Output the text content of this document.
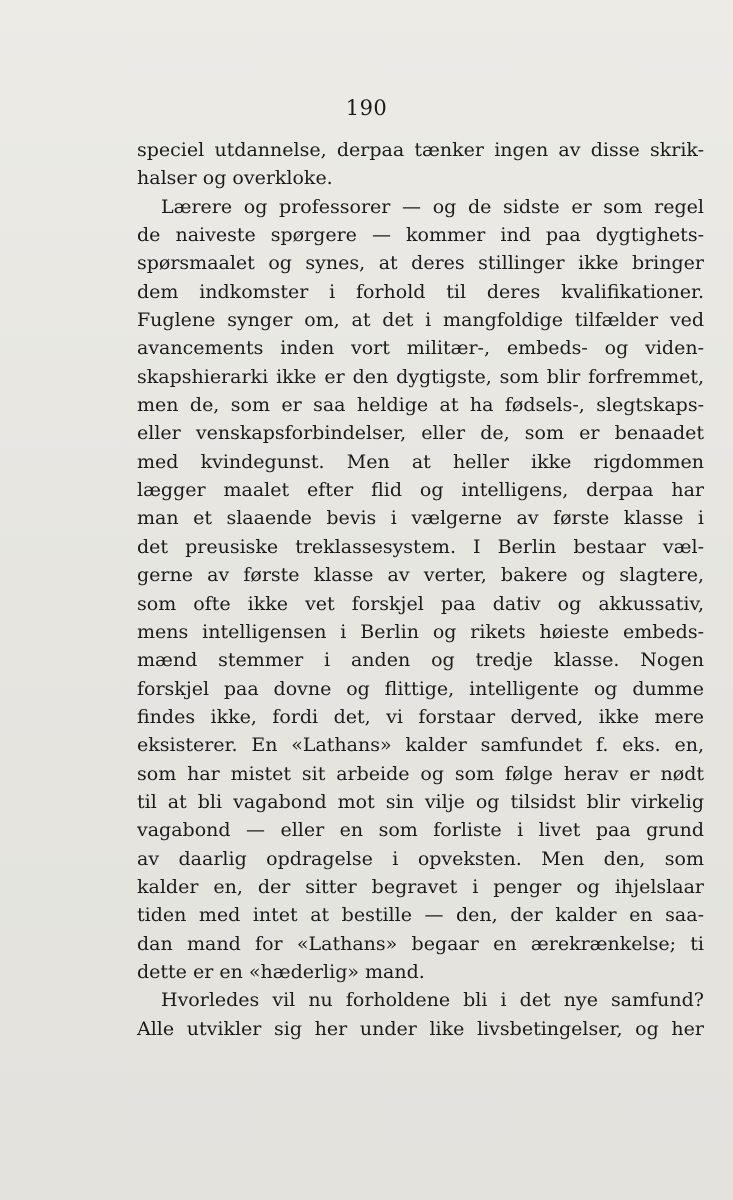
190
speciel utdannelse, derpaa tænker ingen av disse skrik-
halser og overkloke.
Lærere og professorer — og de sidste er som regel
de naiveste spørgere — kommer ind paa dygtighets-
spørsmaalet og synes, at deres stillinger ikke bringer
dem indkomster i forhold til deres kvalifikationer.
Fuglene synger om, at det i mangfoldige tilfælder ved
avancements inden vort militær-, embeds- og viden-
skapshierarki ikke er den dygtigste, som blir forfremmet,
men de, som er saa heldige at ha fødsels-, slegtskaps-
eller venskapsforbindelser, eller de, som er benaadet
med kvindegunst. Men at heller ikke rigdommen
lægger maalet efter flid og intelligens, derpaa har
man et slaaende bevis i vælgerne av første klasse i
det preusiske treklassesystem. I Berlin bestaar væl-
gerne av første klasse av verter, bakere og slagtere,
som ofte ikke vet forskjel paa dativ og akkussativ,
mens intelligensen i Berlin og rikets høieste embeds-
mænd stemmer i anden og tredje klasse. Nogen
forskjel paa dovne og flittige, intelligente og dumme
findes ikke, fordi det, vi forstaar derved, ikke mere
eksisterer. En «Lathans» kalder samfundet f. eks. en,
som har mistet sit arbeide og som følge herav er nødt
til at bli vagabond mot sin vilje og tilsidst blir virkelig
vagabond — eller en som forliste i livet paa grund
av daarlig opdragelse i opveksten. Men den, som
kalder en, der sitter begravet i penger og ihjelslaar
tiden med intet at bestille — den, der kalder en saa-
dan mand for «Lathans» begaar en ærekrænkelse; ti
dette er en «hæderlig» mand.
Hvorledes vil nu forholdene bli i det nye samfund?
Alle utvikler sig her under like livsbetingelser, og her
